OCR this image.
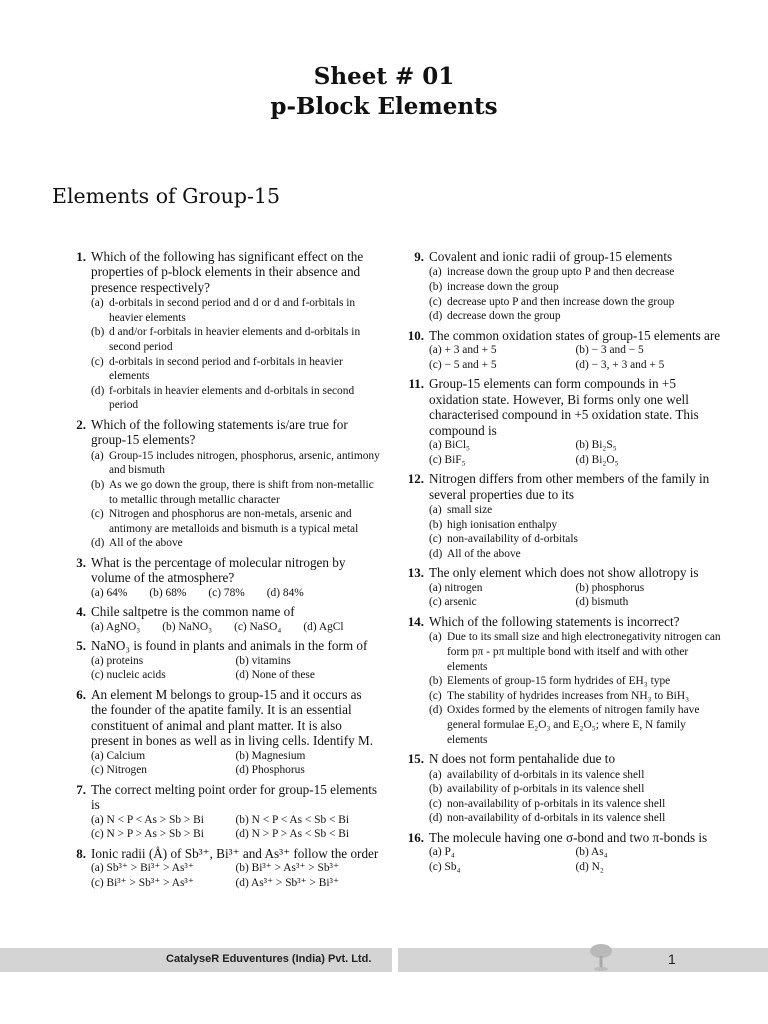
Sheet # 01
p-Block Elements
Elements of Group-15
1. Which of the following has significant effect on the properties of p-block elements in their absence and presence respectively?
(a) d-orbitals in second period and d or d and f-orbitals in heavier elements
(b) d and/or f-orbitals in heavier elements and d-orbitals in second period
(c) d-orbitals in second period and f-orbitals in heavier elements
(d) f-orbitals in heavier elements and d-orbitals in second period
2. Which of the following statements is/are true for group-15 elements?
(a) Group-15 includes nitrogen, phosphorus, arsenic, antimony and bismuth
(b) As we go down the group, there is shift from non-metallic to metallic through metallic character
(c) Nitrogen and phosphorus are non-metals, arsenic and antimony are metalloids and bismuth is a typical metal
(d) All of the above
3. What is the percentage of molecular nitrogen by volume of the atmosphere?
(a) 64% (b) 68% (c) 78% (d) 84%
4. Chile saltpetre is the common name of
(a) AgNO₃ (b) NaNO₃ (c) NaSO₄ (d) AgCl
5. NaNO₃ is found in plants and animals in the form of
(a) proteins	(b) vitamins
(c) nucleic acids	(d) None of these
6. An element M belongs to group-15 and it occurs as the founder of the apatite family. It is an essential constituent of animal and plant matter. It is also present in bones as well as in living cells. Identify M.
(a) Calcium	(b) Magnesium
(c) Nitrogen	(d) Phosphorus
7. The correct melting point order for group-15 elements is
(a) N < P < As > Sb > Bi	(b) N < P < As < Sb < Bi
(c) N > P > As > Sb > Bi	(d) N > P > As < Sb < Bi
8. Ionic radii (Å) of Sb³⁺, Bi³⁺ and As³⁺ follow the order
(a) Sb³⁺ > Bi³⁺ > As³⁺	(b) Bi³⁺ > As³⁺ > Sb³⁺
(c) Bi³⁺ > Sb³⁺ > As³⁺	(d) As³⁺ > Sb³⁺ > Bi³⁺
9. Covalent and ionic radii of group-15 elements
(a) increase down the group upto P and then decrease
(b) increase down the group
(c) decrease upto P and then increase down the group
(d) decrease down the group
10. The common oxidation states of group-15 elements are
(a) + 3 and + 5	(b) − 3 and − 5
(c) − 5 and + 5	(d) − 3, + 3 and + 5
11. Group-15 elements can form compounds in +5 oxidation state. However, Bi forms only one well characterised compound in +5 oxidation state. This compound is
(a) BiCl₅	(b) Bi₂S₅
(c) BiF₅	(d) Bi₂O₅
12. Nitrogen differs from other members of the family in several properties due to its
(a) small size
(b) high ionisation enthalpy
(c) non-availability of d-orbitals
(d) All of the above
13. The only element which does not show allotropy is
(a) nitrogen	(b) phosphorus
(c) arsenic	(d) bismuth
14. Which of the following statements is incorrect?
(a) Due to its small size and high electronegativity nitrogen can form pπ - pπ multiple bond with itself and with other elements
(b) Elements of group-15 form hydrides of EH₃ type
(c) The stability of hydrides increases from NH₃ to BiH₃
(d) Oxides formed by the elements of nitrogen family have general formulae E₂O₃ and E₂O₅; where E, N family elements
15. N does not form pentahalide due to
(a) availability of d-orbitals in its valence shell
(b) availability of p-orbitals in its valence shell
(c) non-availability of p-orbitals in its valence shell
(d) non-availability of d-orbitals in its valence shell
16. The molecule having one σ-bond and two π-bonds is
(a) P₄	(b) As₄
(c) Sb₄	(d) N₂
CatalyseR Eduventures (India) Pvt. Ltd.	1
